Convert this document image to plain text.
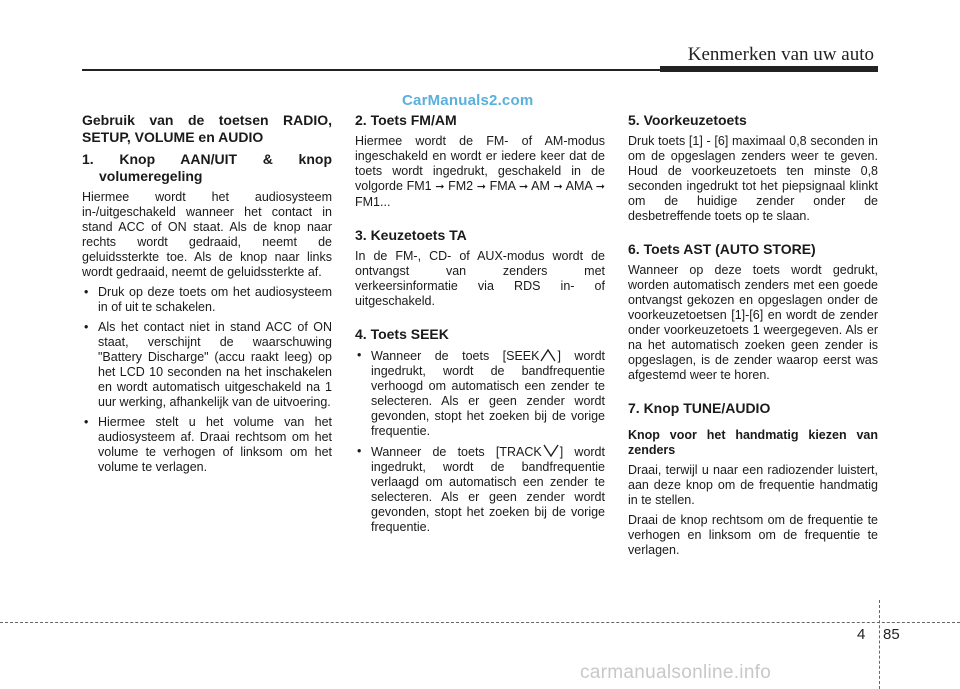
Kenmerken van uw auto
CarManuals2.com

Gebruik van de toetsen RADIO, SETUP, VOLUME en AUDIO

1. Knop AAN/UIT & knop volumeregeling

Hiermee wordt het audiosysteem in-/uitgeschakeld wanneer het contact in stand ACC of ON staat. Als de knop naar rechts wordt gedraaid, neemt de geluidssterkte toe. Als de knop naar links wordt gedraaid, neemt de geluidssterkte af.

• Druk op deze toets om het audiosysteem in of uit te schakelen.
• Als het contact niet in stand ACC of ON staat, verschijnt de waarschuwing "Battery Discharge" (accu raakt leeg) op het LCD 10 seconden na het inschakelen en wordt automatisch uitgeschakeld na 1 uur werking, afhankelijk van de uitvoering.
• Hiermee stelt u het volume van het audiosysteem af. Draai rechtsom om het volume te verhogen of linksom om het volume te verlagen.

2. Toets FM/AM

Hiermee wordt de FM- of AM-modus ingeschakeld en wordt er iedere keer dat de toets wordt ingedrukt, geschakeld in de volgorde FM1 ➞ FM2 ➞ FMA ➞ AM ➞ AMA ➞ FM1...

3. Keuzetoets TA

In de FM-, CD- of AUX-modus wordt de ontvangst van zenders met verkeersinformatie via RDS in- of uitgeschakeld.

4. Toets SEEK

• Wanneer de toets [SEEK ] wordt ingedrukt, wordt de bandfrequentie verhoogd om automatisch een zender te selecteren. Als er geen zender wordt gevonden, stopt het zoeken bij de vorige frequentie.
• Wanneer de toets [TRACK ] wordt ingedrukt, wordt de bandfrequentie verlaagd om automatisch een zender te selecteren. Als er geen zender wordt gevonden, stopt het zoeken bij de vorige frequentie.

5. Voorkeuzetoets

Druk toets [1] - [6] maximaal 0,8 seconden in om de opgeslagen zenders weer te geven. Houd de voorkeuzetoets ten minste 0,8 seconden ingedrukt tot het piepsignaal klinkt om de huidige zender onder de desbetreffende toets op te slaan.

6. Toets AST (AUTO STORE)

Wanneer op deze toets wordt gedrukt, worden automatisch zenders met een goede ontvangst gekozen en opgeslagen onder de voorkeuzetoetsen [1]-[6] en wordt de zender onder voorkeuzetoets 1 weergegeven. Als er na het automatisch zoeken geen zender is opgeslagen, is de zender waarop eerst was afgestemd weer te horen.

7. Knop TUNE/AUDIO

Knop voor het handmatig kiezen van zenders

Draai, terwijl u naar een radiozender luistert, aan deze knop om de frequentie handmatig in te stellen.

Draai de knop rechtsom om de frequentie te verhogen en linksom om de frequentie te verlagen.

4 85
carmanualsonline.info
